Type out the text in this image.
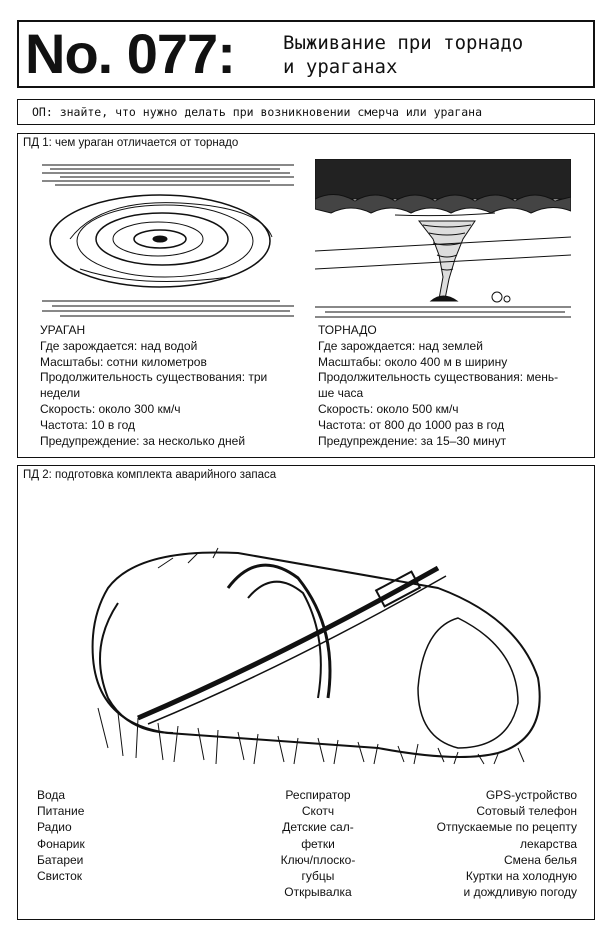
No. 077:	Выживание при торнадо
и ураганах
ОП: знайте, что нужно делать при возникновении смерча или урагана
ПД 1: чем ураган отличается от торнадо
УРАГАН
Где зарождается: над водой
Масштабы: сотни километров
Продолжительность существования: три
недели
Скорость: около 300 км/ч
Частота: 10 в год
Предупреждение: за несколько дней
ТОРНАДО
Где зарождается: над землей
Масштабы: около 400 м в ширину
Продолжительность существования: мень-
ше часа
Скорость: около 500 км/ч
Частота: от 800 до 1000 раз в год
Предупреждение: за 15–30 минут
ПД 2: подготовка комплекта аварийного запаса
Вода
Питание
Радио
Фонарик
Батареи
Свисток
Респиратор
Скотч
Детские сал-
фетки
Ключ/плоско-
губцы
Открывалка
GPS-устройство
Сотовый телефон
Отпускаемые по рецепту
лекарства
Смена белья
Куртки на холодную
и дождливую погоду
